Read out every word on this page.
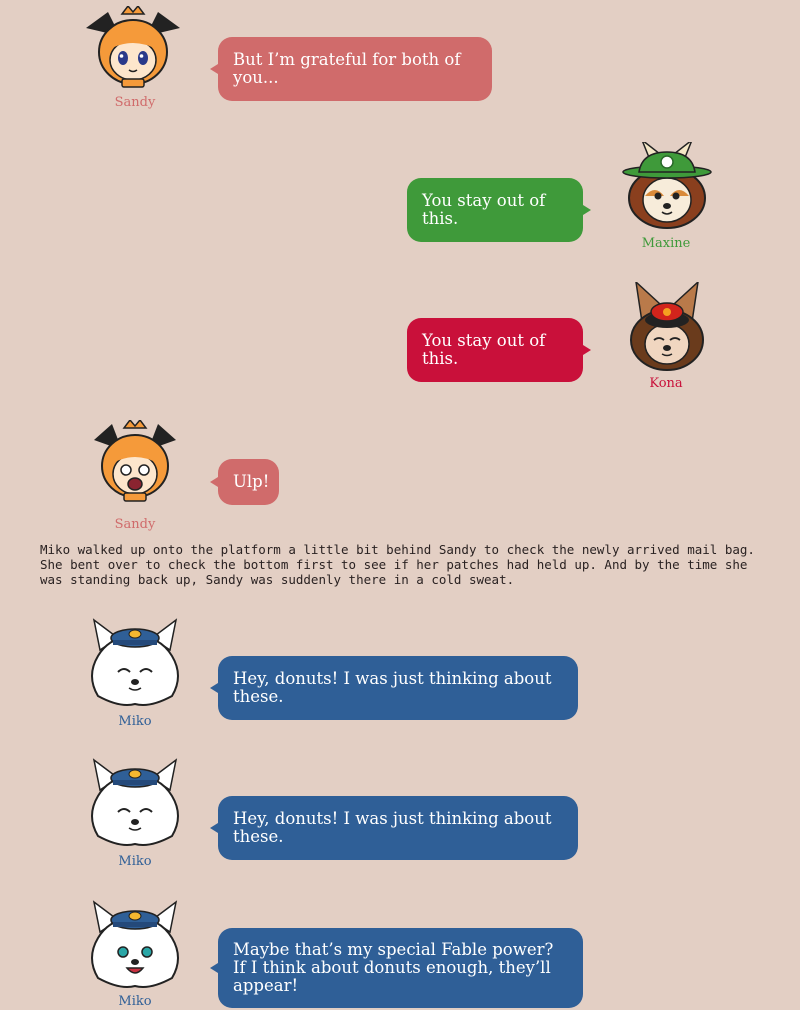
Sandy
But I’m grateful for both of you...
You stay out of this.
Maxine
You stay out of this.
Kona
Sandy
Ulp!
Miko walked up onto the platform a little bit behind Sandy to check the newly arrived mail bag. She bent over to check the bottom first to see if her patches had held up. And by the time she was standing back up, Sandy was suddenly there in a cold sweat.
Miko
Hey, donuts! I was just thinking about these.
Miko
Hey, donuts! I was just thinking about these.
Miko
Maybe that’s my special Fable power? If I think about donuts enough, they’ll appear!
